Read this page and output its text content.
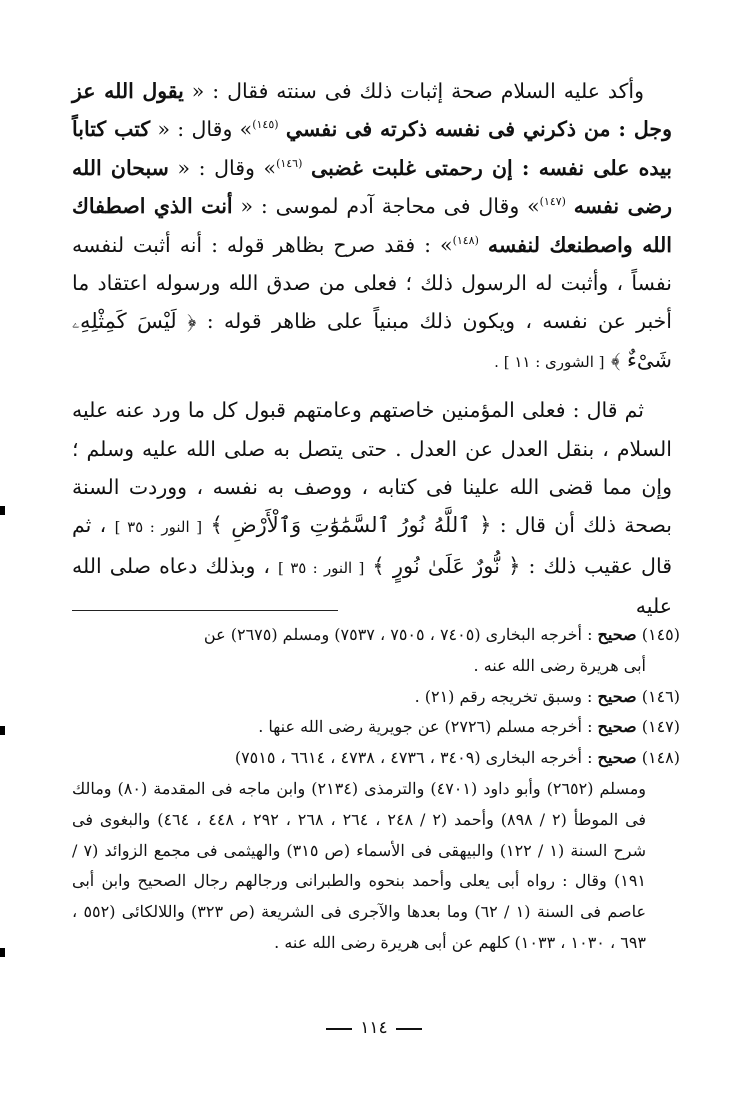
وأكد عليه السلام صحة إثبات ذلك فى سنته فقال : « يقول الله عز وجل : من ذكرني فى نفسه ذكرته فى نفسي $^{(١٤٥)}$» وقال : « كتب كتاباً بيده على نفسه : إن رحمتى غلبت غضبى $^{(١٤٦)}$» وقال : « سبحان الله رضى نفسه $^{(١٤٧)}$» وقال فى محاجة آدم لموسى : « أنت الذي اصطفاك الله واصطنعك لنفسه $^{(١٤٨)}$» : فقد صرح بظاهر قوله : أنه أثبت لنفسه نفساً ، وأثبت له الرسول ذلك ؛ فعلى من صدق الله ورسوله اعتقاد ما أخبر عن نفسه ، ويكون ذلك مبنياً على ظاهر قوله : ﴿ لَيْسَ كَمِثْلِهِۦ شَىْءٌ ﴾ [ الشورى : ١١ ] .

ثم قال : فعلى المؤمنين خاصتهم وعامتهم قبول كل ما ورد عنه عليه السلام ، بنقل العدل عن العدل . حتى يتصل به صلى الله عليه وسلم ؛ وإن مما قضى الله علينا فى كتابه ، ووصف به نفسه ، ووردت السنة بصحة ذلك أن قال : ﴿ ٱللَّهُ نُورُ ٱلسَّمَٰوَٰتِ وَٱلْأَرْضِ ﴾ [ النور : ٣٥ ] ، ثم قال عقيب ذلك : ﴿ نُّورٌ عَلَىٰ نُورٍ ﴾ [ النور : ٣٥ ] ، وبذلك دعاه صلى الله عليه

(١٤٥) صحيح : أخرجه البخارى (٧٤٠٥ ، ٧٥٠٥ ، ٧٥٣٧) ومسلم (٢٦٧٥) عن
أبى هريرة رضى الله عنه .

(١٤٦) صحيح : وسبق تخريجه رقم (٢١) .

(١٤٧) صحيح : أخرجه مسلم (٢٧٢٦) عن جويرية رضى الله عنها .

(١٤٨) صحيح : أخرجه البخارى (٣٤٠٩ ، ٤٧٣٦ ، ٤٧٣٨ ، ٦٦١٤ ، ٧٥١٥)
ومسلم (٢٦٥٢) وأبو داود (٤٧٠١) والترمذى (٢١٣٤) وابن ماجه فى المقدمة (٨٠) ومالك فى الموطأ (٢ / ٨٩٨) وأحمد (٢ / ٢٤٨ ، ٢٦٤ ، ٢٦٨ ، ٢٩٢ ، ٤٤٨ ، ٤٦٤) والبغوى فى شرح السنة (١ / ١٢٢) والبيهقى فى الأسماء (ص ٣١٥) والهيثمى فى مجمع الزوائد (٧ / ١٩١) وقال : رواه أبى يعلى وأحمد بنحوه والطبرانى ورجالهم رجال الصحيح وابن أبى عاصم فى السنة (١ / ٦٢) وما بعدها والآجرى فى الشريعة (ص ٣٢٣) واللالكائى (٥٥٢ ، ٦٩٣ ، ١٠٣٠ ، ١٠٣٣) كلهم عن أبى هريرة رضى الله عنه .

١١٤
